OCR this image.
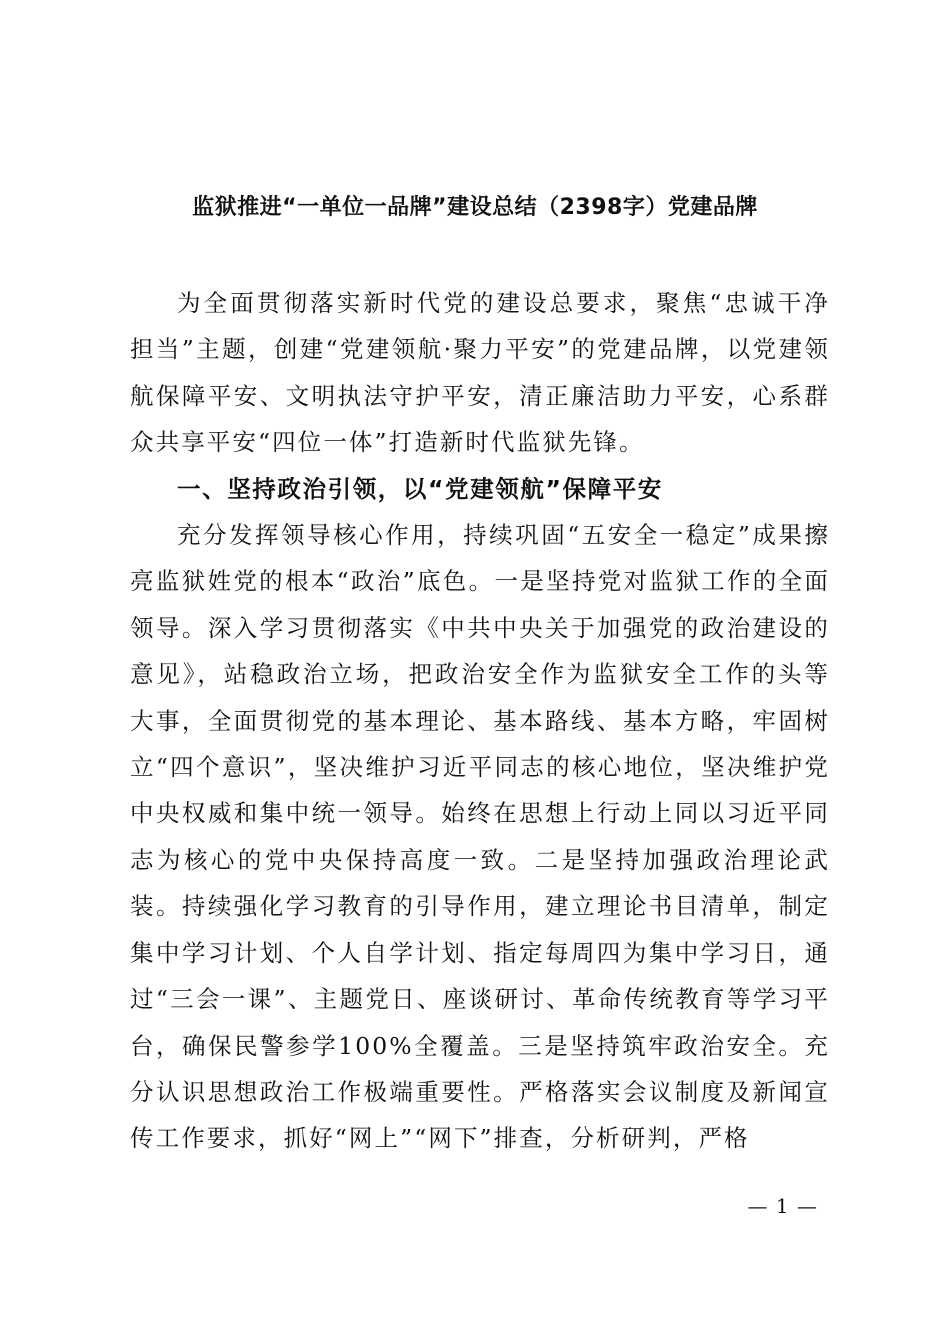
监狱推进“一单位一品牌”建设总结（2398字）党建品牌

为全面贯彻落实新时代党的建设总要求，聚焦“忠诚干净担当”主题，创建“党建领航·聚力平安”的党建品牌，以党建领航保障平安、文明执法守护平安，清正廉洁助力平安，心系群众共享平安“四位一体”打造新时代监狱先锋。

一、坚持政治引领，以“党建领航”保障平安

充分发挥领导核心作用，持续巩固“五安全一稳定”成果擦亮监狱姓党的根本“政治”底色。一是坚持党对监狱工作的全面领导。深入学习贯彻落实《中共中央关于加强党的政治建设的意见》，站稳政治立场，把政治安全作为监狱安全工作的头等大事，全面贯彻党的基本理论、基本路线、基本方略，牢固树立“四个意识”，坚决维护习近平同志的核心地位，坚决维护党中央权威和集中统一领导。始终在思想上行动上同以习近平同志为核心的党中央保持高度一致。二是坚持加强政治理论武装。持续强化学习教育的引导作用，建立理论书目清单，制定集中学习计划、个人自学计划、指定每周四为集中学习日，通过“三会一课”、主题党日、座谈研讨、革命传统教育等学习平台，确保民警参学100%全覆盖。三是坚持筑牢政治安全。充分认识思想政治工作极端重要性。严格落实会议制度及新闻宣传工作要求，抓好“网上”“网下”排查，分析研判，严格

— 1 —
